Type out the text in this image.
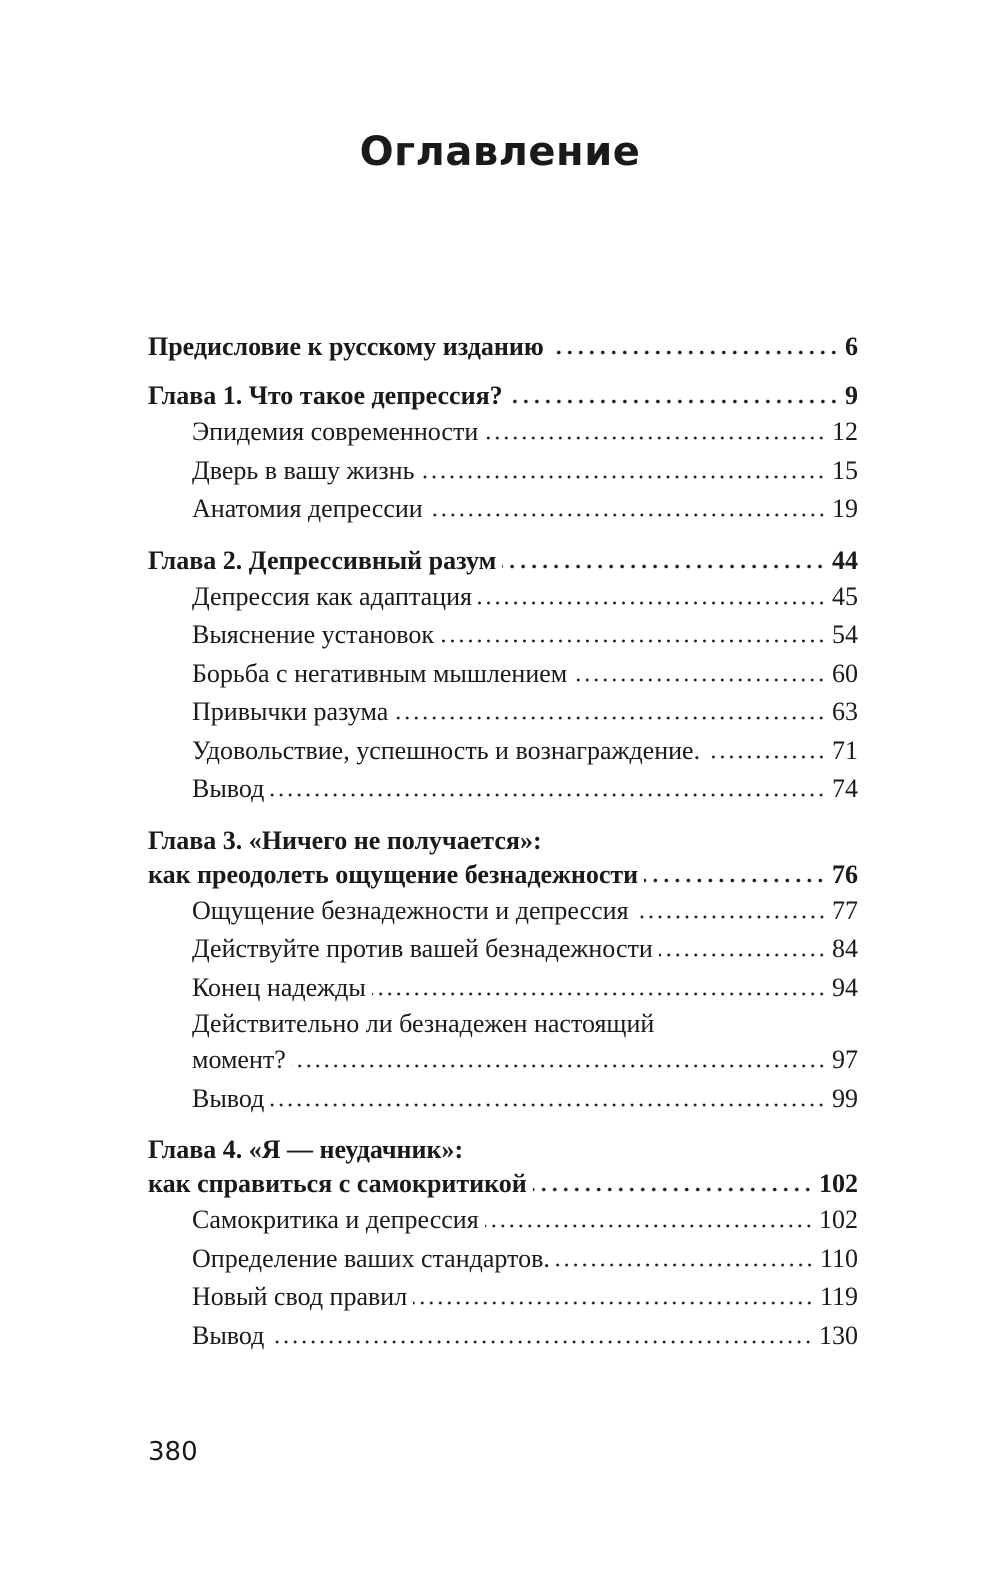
Оглавление
Предисловие к русскому изданию	6
Глава 1. Что такое депрессия?	9
Эпидемия современности	12
Дверь в вашу жизнь	15
Анатомия депрессии	19
Глава 2. Депрессивный разум	44
Депрессия как адаптация	45
Выяснение установок	54
Борьба с негативным мышлением	60
Привычки разума	63
Удовольствие, успешность и вознаграждение.	71
Вывод	74
Глава 3. «Ничего не получается»:
как преодолеть ощущение безнадежности	76
Ощущение безнадежности и депрессия	77
Действуйте против вашей безнадежности	84
Конец надежды	94
Действительно ли безнадежен настоящий
момент?	97
Вывод	99
Глава 4. «Я — неудачник»:
как справиться с самокритикой	102
Самокритика и депрессия	102
Определение ваших стандартов.	110
Новый свод правил	119
Вывод	130

380
